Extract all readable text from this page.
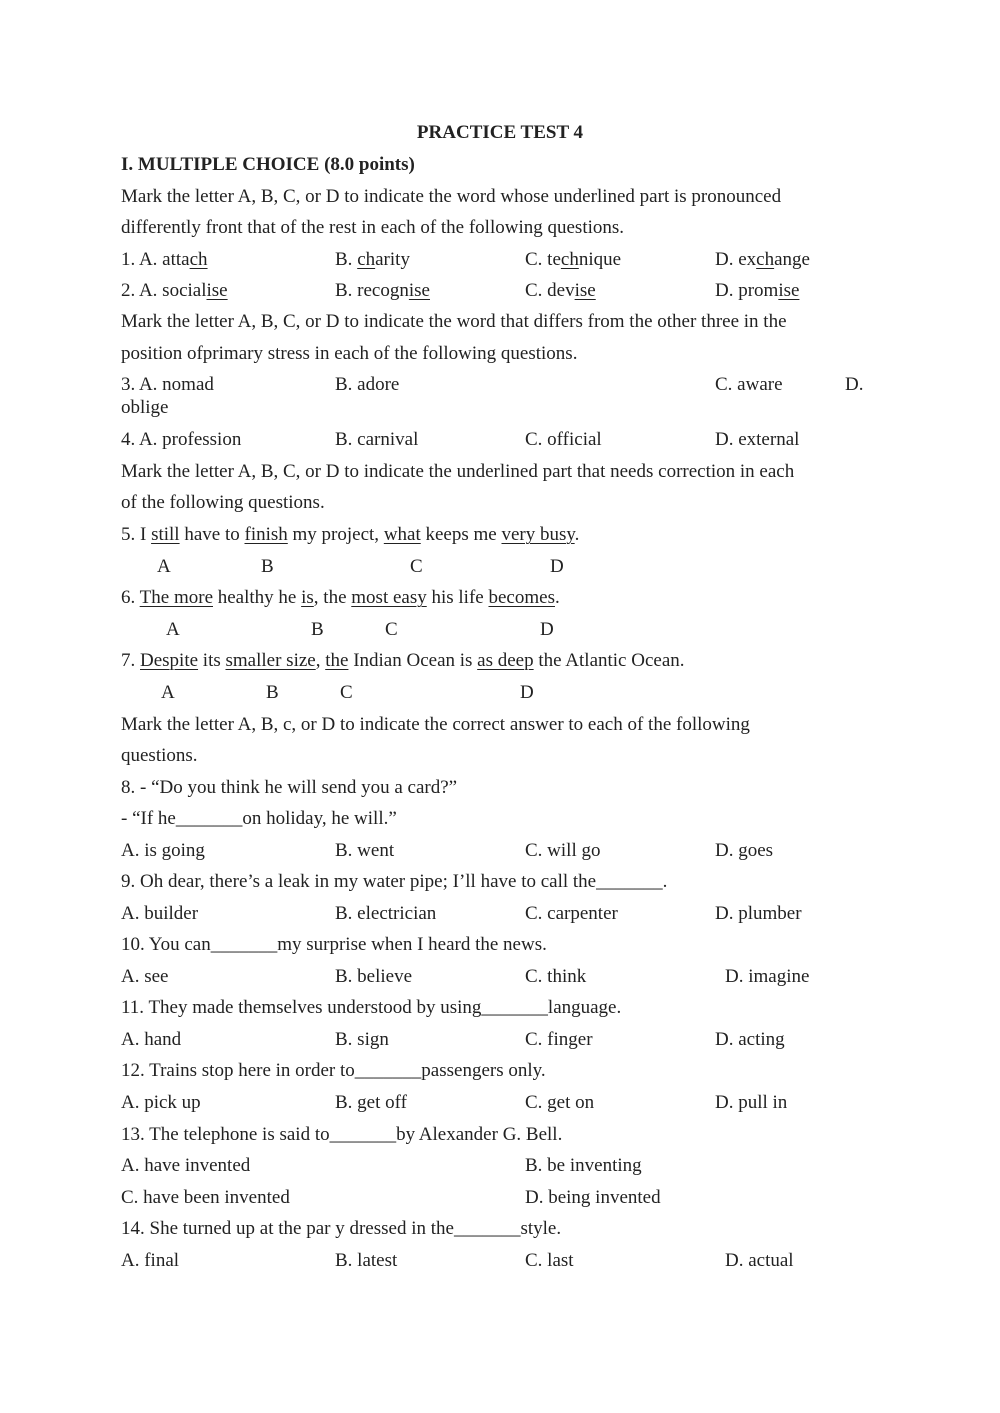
PRACTICE TEST 4
I. MULTIPLE CHOICE (8.0 points)
Mark the letter A, B, C, or D to indicate the word whose underlined part is pronounced
differently front that of the rest in each of the following questions.
1. A. attach	B. charity	C. technique	D. exchange
2. A. socialise	B. recognise	C. devise	D. promise
Mark the letter A, B, C, or D to indicate the word that differs from the other three in the
position ofprimary stress in each of the following questions.
3. A. nomad	B. adore	C. aware	D.
oblige
4. A. profession	B. carnival	C. official	D. external
Mark the letter A, B, C, or D to indicate the underlined part that needs correction in each
of the following questions.
5. I still have to finish my project, what keeps me very busy.
A	B	C	D
6. The more healthy he is, the most easy his life becomes.
A	B	C	D
7. Despite its smaller size, the Indian Ocean is as deep the Atlantic Ocean.
A	B	C	D
Mark the letter A, B, c, or D to indicate the correct answer to each of the following
questions.
8. - “Do you think he will send you a card?”
- “If he_______on holiday, he will.”
A. is going	B. went	C. will go	D. goes
9. Oh dear, there’s a leak in my water pipe; I’ll have to call the_______.
A. builder	B. electrician	C. carpenter	D. plumber
10. You can_______my surprise when I heard the news.
A. see	B. believe	C. think	D. imagine
11. They made themselves understood by using_______language.
A. hand	B. sign	C. finger	D. acting
12. Trains stop here in order to_______passengers only.
A. pick up	B. get off	C. get on	D. pull in
13. The telephone is said to_______by Alexander G. Bell.
A. have invented	B. be inventing
C. have been invented	D. being invented
14. She turned up at the par y dressed in the_______style.
A. final	B. latest	C. last	D. actual
